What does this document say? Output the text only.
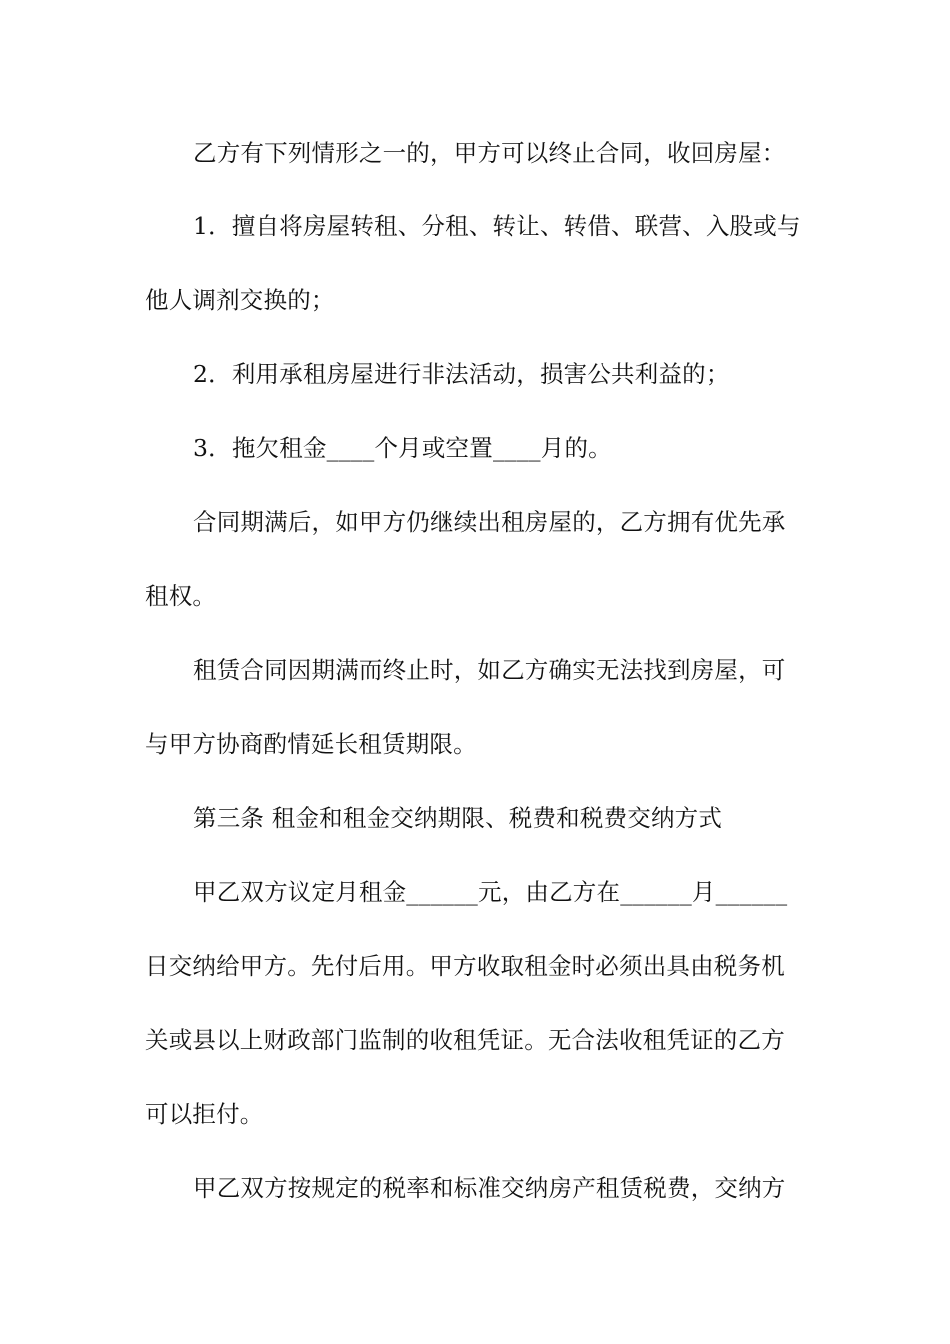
乙方有下列情形之一的，甲方可以终止合同，收回房屋：
1．擅自将房屋转租、分租、转让、转借、联营、入股或与
他人调剂交换的；
2．利用承租房屋进行非法活动，损害公共利益的；
3．拖欠租金____个月或空置____月的。
合同期满后，如甲方仍继续出租房屋的，乙方拥有优先承
租权。
租赁合同因期满而终止时，如乙方确实无法找到房屋，可
与甲方协商酌情延长租赁期限。
第三条 租金和租金交纳期限、税费和税费交纳方式
甲乙双方议定月租金______元，由乙方在______月______
日交纳给甲方。先付后用。甲方收取租金时必须出具由税务机
关或县以上财政部门监制的收租凭证。无合法收租凭证的乙方
可以拒付。
甲乙双方按规定的税率和标准交纳房产租赁税费，交纳方
